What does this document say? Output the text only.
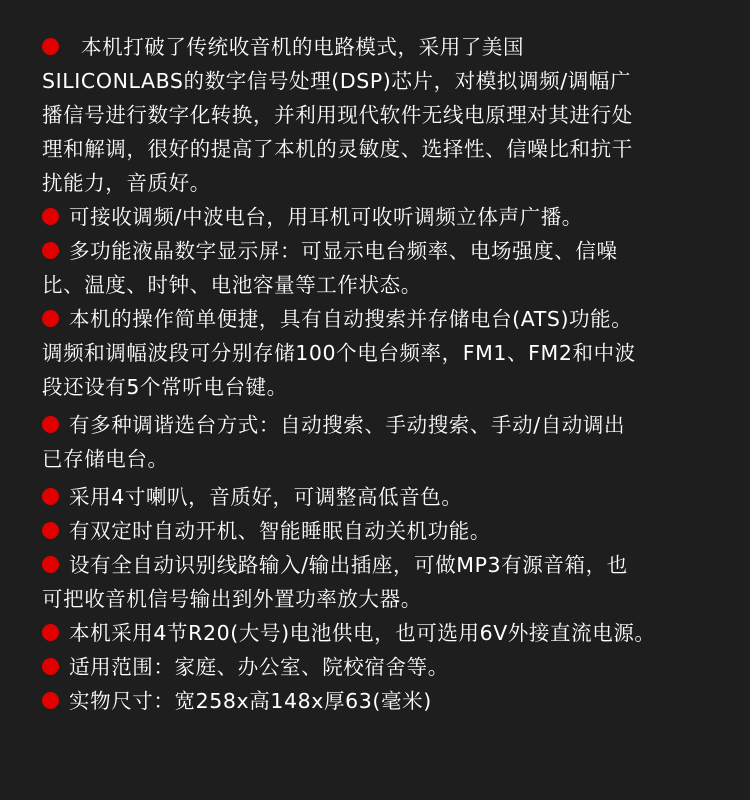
本机打破了传统收音机的电路模式，采用了美国
SILICONLABS的数字信号处理(DSP)芯片，对模拟调频/调幅广
播信号进行数字化转换，并利用现代软件无线电原理对其进行处
理和解调，很好的提高了本机的灵敏度、选择性、信噪比和抗干
扰能力，音质好。
可接收调频/中波电台，用耳机可收听调频立体声广播。
多功能液晶数字显示屏：可显示电台频率、电场强度、信噪
比、温度、时钟、电池容量等工作状态。
本机的操作简单便捷，具有自动搜索并存储电台(ATS)功能。
调频和调幅波段可分别存储100个电台频率，FM1、FM2和中波
段还设有5个常听电台键。
有多种调谐选台方式：自动搜索、手动搜索、手动/自动调出
已存储电台。
采用4寸喇叭，音质好，可调整高低音色。
有双定时自动开机、智能睡眠自动关机功能。
设有全自动识别线路输入/输出插座，可做MP3有源音箱，也
可把收音机信号输出到外置功率放大器。
本机采用4节R20(大号)电池供电，也可选用6V外接直流电源。
适用范围：家庭、办公室、院校宿舍等。
实物尺寸：宽258x高148x厚63(毫米)
